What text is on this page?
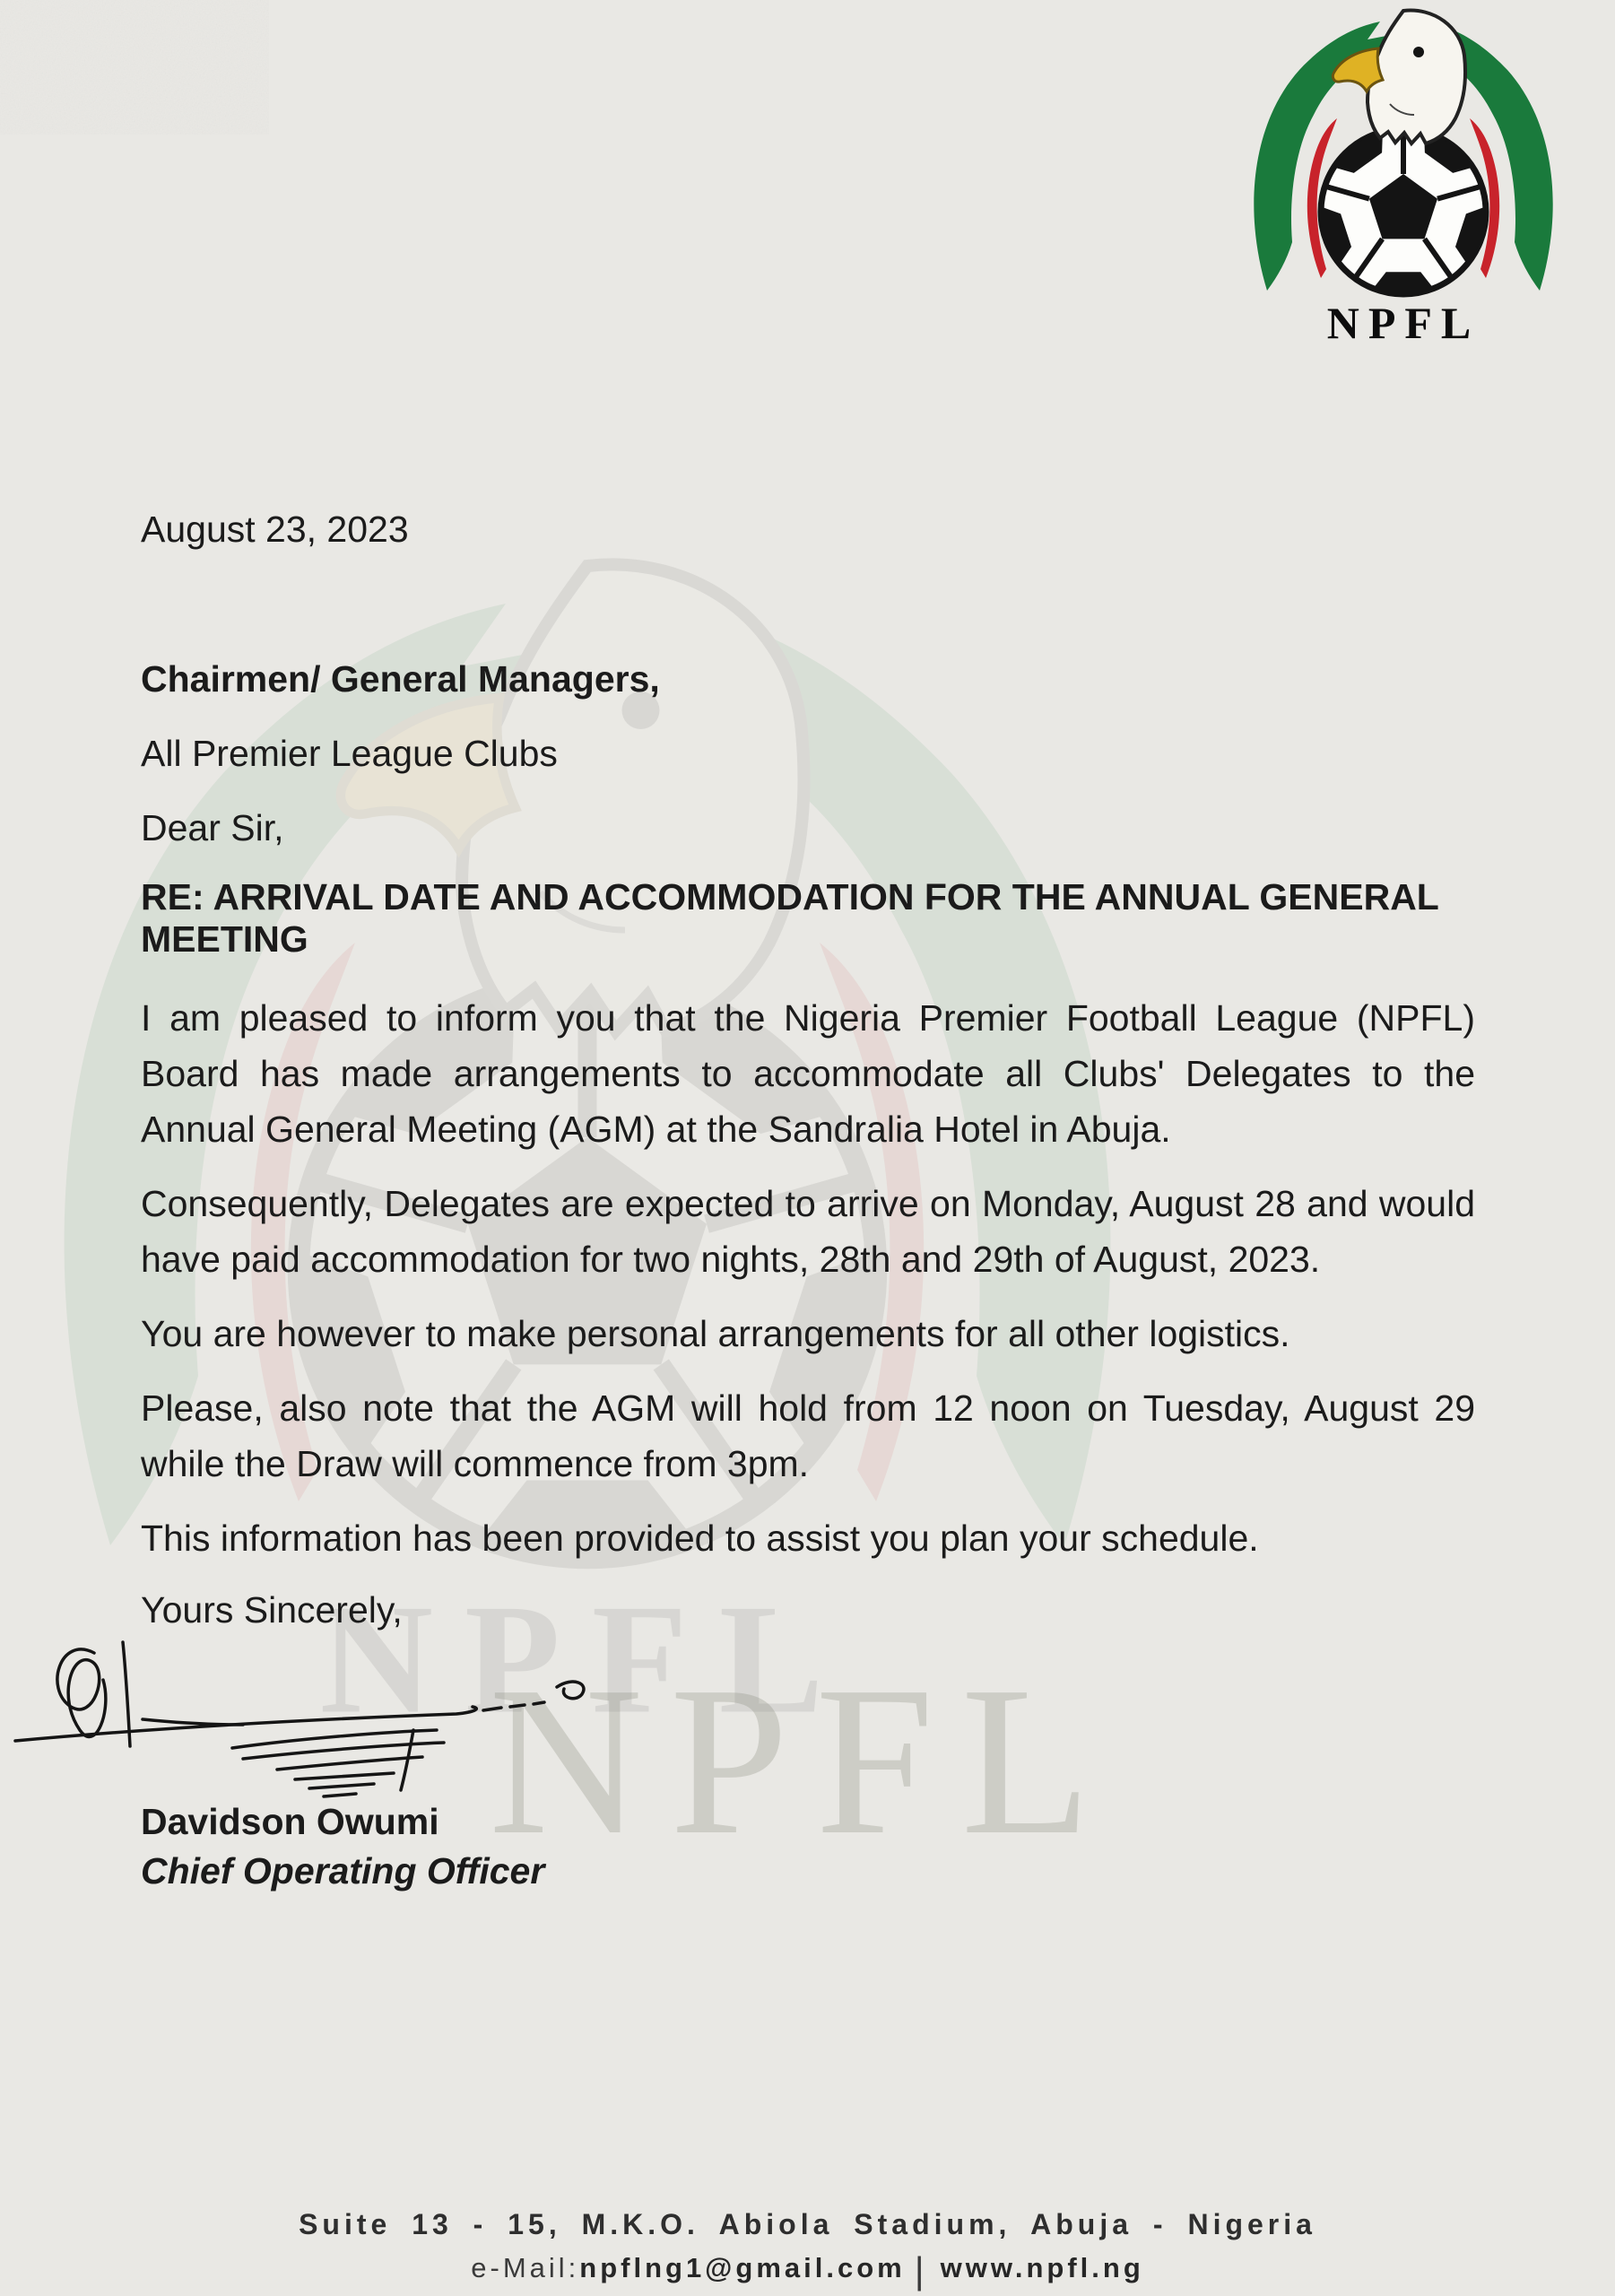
NPFL
August 23, 2023
Chairmen/ General Managers,
All Premier League Clubs
Dear Sir,
RE: ARRIVAL DATE AND ACCOMMODATION FOR THE ANNUAL GENERAL MEETING

I am pleased to inform you that the Nigeria Premier Football League (NPFL) Board has made arrangements to accommodate all Clubs' Delegates to the Annual General Meeting (AGM) at the Sandralia Hotel in Abuja.

Consequently, Delegates are expected to arrive on Monday, August 28 and would have paid accommodation for two nights, 28th and 29th of August, 2023.

You are however to make personal arrangements for all other logistics.

Please, also note that the AGM will hold from 12 noon on Tuesday, August 29 while the Draw will commence from 3pm.

This information has been provided to assist you plan your schedule.

Yours Sincerely,
Davidson Owumi
Chief Operating Officer
Suite 13 - 15, M.K.O. Abiola Stadium, Abuja - Nigeria
e-Mail:npflng1@gmail.com | www.npfl.ng
